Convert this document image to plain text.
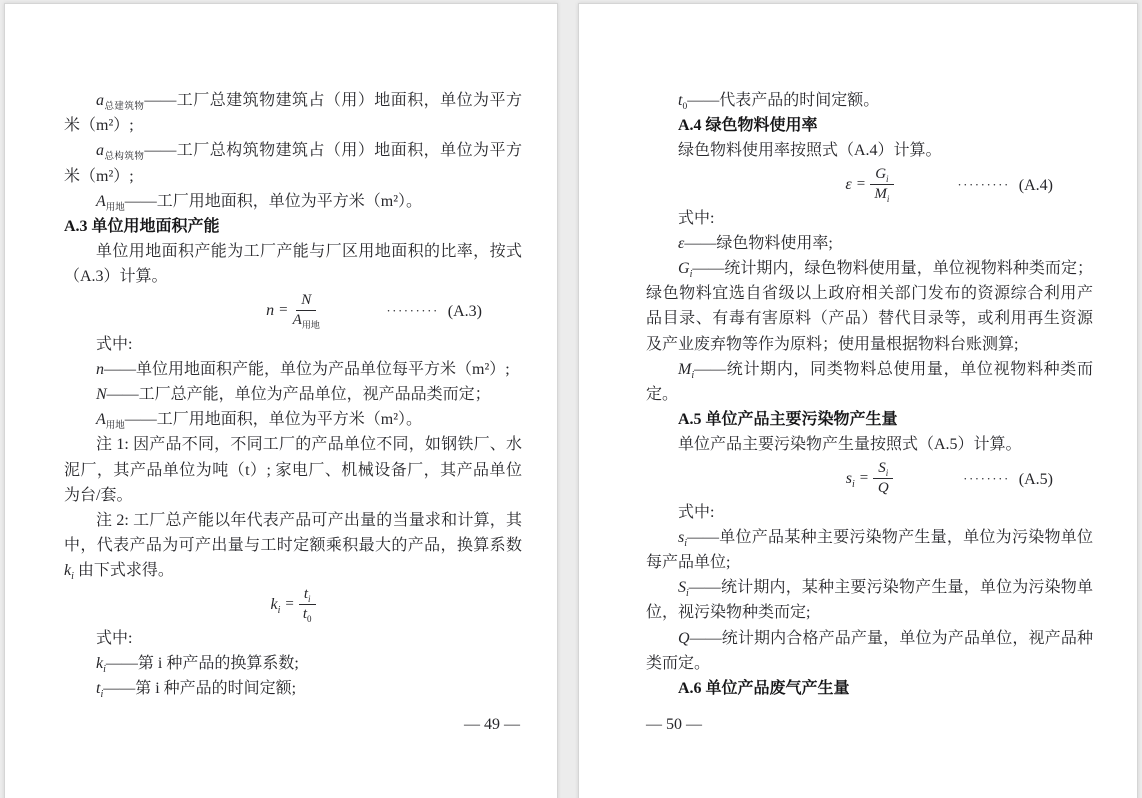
$a_{总建筑物}——$工厂总建筑物建筑占（用）地面积，单位为平方米（m²）;
$a_{总构筑物}——$工厂总构筑物建筑占（用）地面积，单位为平方米（m²）;
$A_{用地}——$工厂用地面积，单位为平方米（m²）。
A.3 单位用地面积产能
单位用地面积产能为工厂产能与厂区用地面积的比率，按式（A.3）计算。
$n = \frac{N}{A_{用地}}$	········· (A.3)
式中:
n——单位用地面积产能，单位为产品单位每平方米（m²）;
N——工厂总产能，单位为产品单位，视产品品类而定；
$A_{用地}——$工厂用地面积，单位为平方米（m²）。
注 1: 因产品不同，不同工厂的产品单位不同，如钢铁厂、水泥厂，其产品单位为吨（t）; 家电厂、机械设备厂，其产品单位为台/套。
注 2: 工厂总产能以年代表产品可产出量的当量求和计算，其中，代表产品为可产出量与工时定额乘积最大的产品，换算系数 $k_i$ 由下式求得。
$k_i = \frac{t_i}{t_0}$
式中:
$k_i——$第 i 种产品的换算系数;
$t_i——$第 i 种产品的时间定额;
— 49 —
$t_0——$代表产品的时间定额。
A.4 绿色物料使用率
绿色物料使用率按照式（A.4）计算。
$\varepsilon = \frac{G_i}{M_i}$	········· (A.4)
式中:
ε——绿色物料使用率;
$G_i——$统计期内，绿色物料使用量，单位视物料种类而定；绿色物料宜选自省级以上政府相关部门发布的资源综合利用产品目录、有毒有害原料（产品）替代目录等，或利用再生资源及产业废弃物等作为原料；使用量根据物料台账测算;
$M_i——$统计期内，同类物料总使用量，单位视物料种类而定。
A.5 单位产品主要污染物产生量
单位产品主要污染物产生量按照式（A.5）计算。
$s_i = \frac{S_i}{Q}$	········ (A.5)
式中:
$s_i——$单位产品某种主要污染物产生量，单位为污染物单位每产品单位;
$S_i——$统计期内，某种主要污染物产生量，单位为污染物单位，视污染物种类而定;
Q——统计期内合格产品产量，单位为产品单位，视产品种类而定。
A.6 单位产品废气产生量
— 50 —
